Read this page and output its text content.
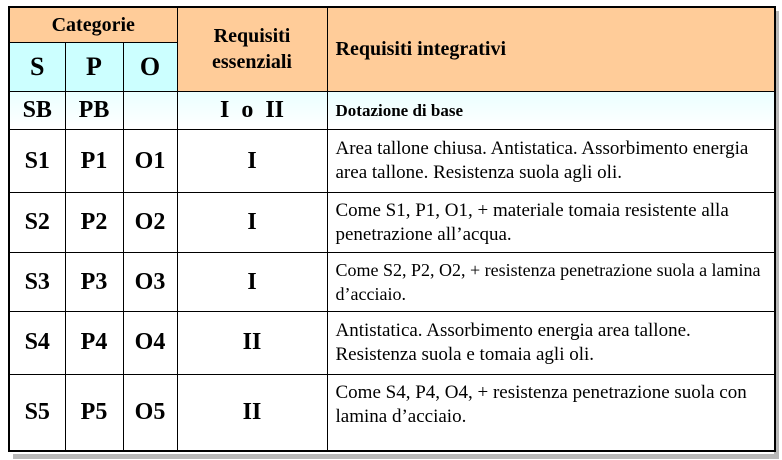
Categorie			Requisiti essenziali	Requisiti integrativi
S	P	O		
SB	PB		I  o  II	Dotazione di base
S1	P1	O1	I	Area tallone chiusa. Antistatica. Assorbimento energia area tallone. Resistenza suola agli oli.
S2	P2	O2	I	Come S1, P1, O1, + materiale tomaia resistente alla penetrazione all’acqua.
S3	P3	O3	I	Come S2, P2, O2, + resistenza penetrazione suola a lamina d’acciaio.
S4	P4	O4	II	Antistatica. Assorbimento energia area tallone. Resistenza suola e tomaia agli oli.
S5	P5	O5	II	Come S4, P4, O4, + resistenza penetrazione suola con lamina d’acciaio.
